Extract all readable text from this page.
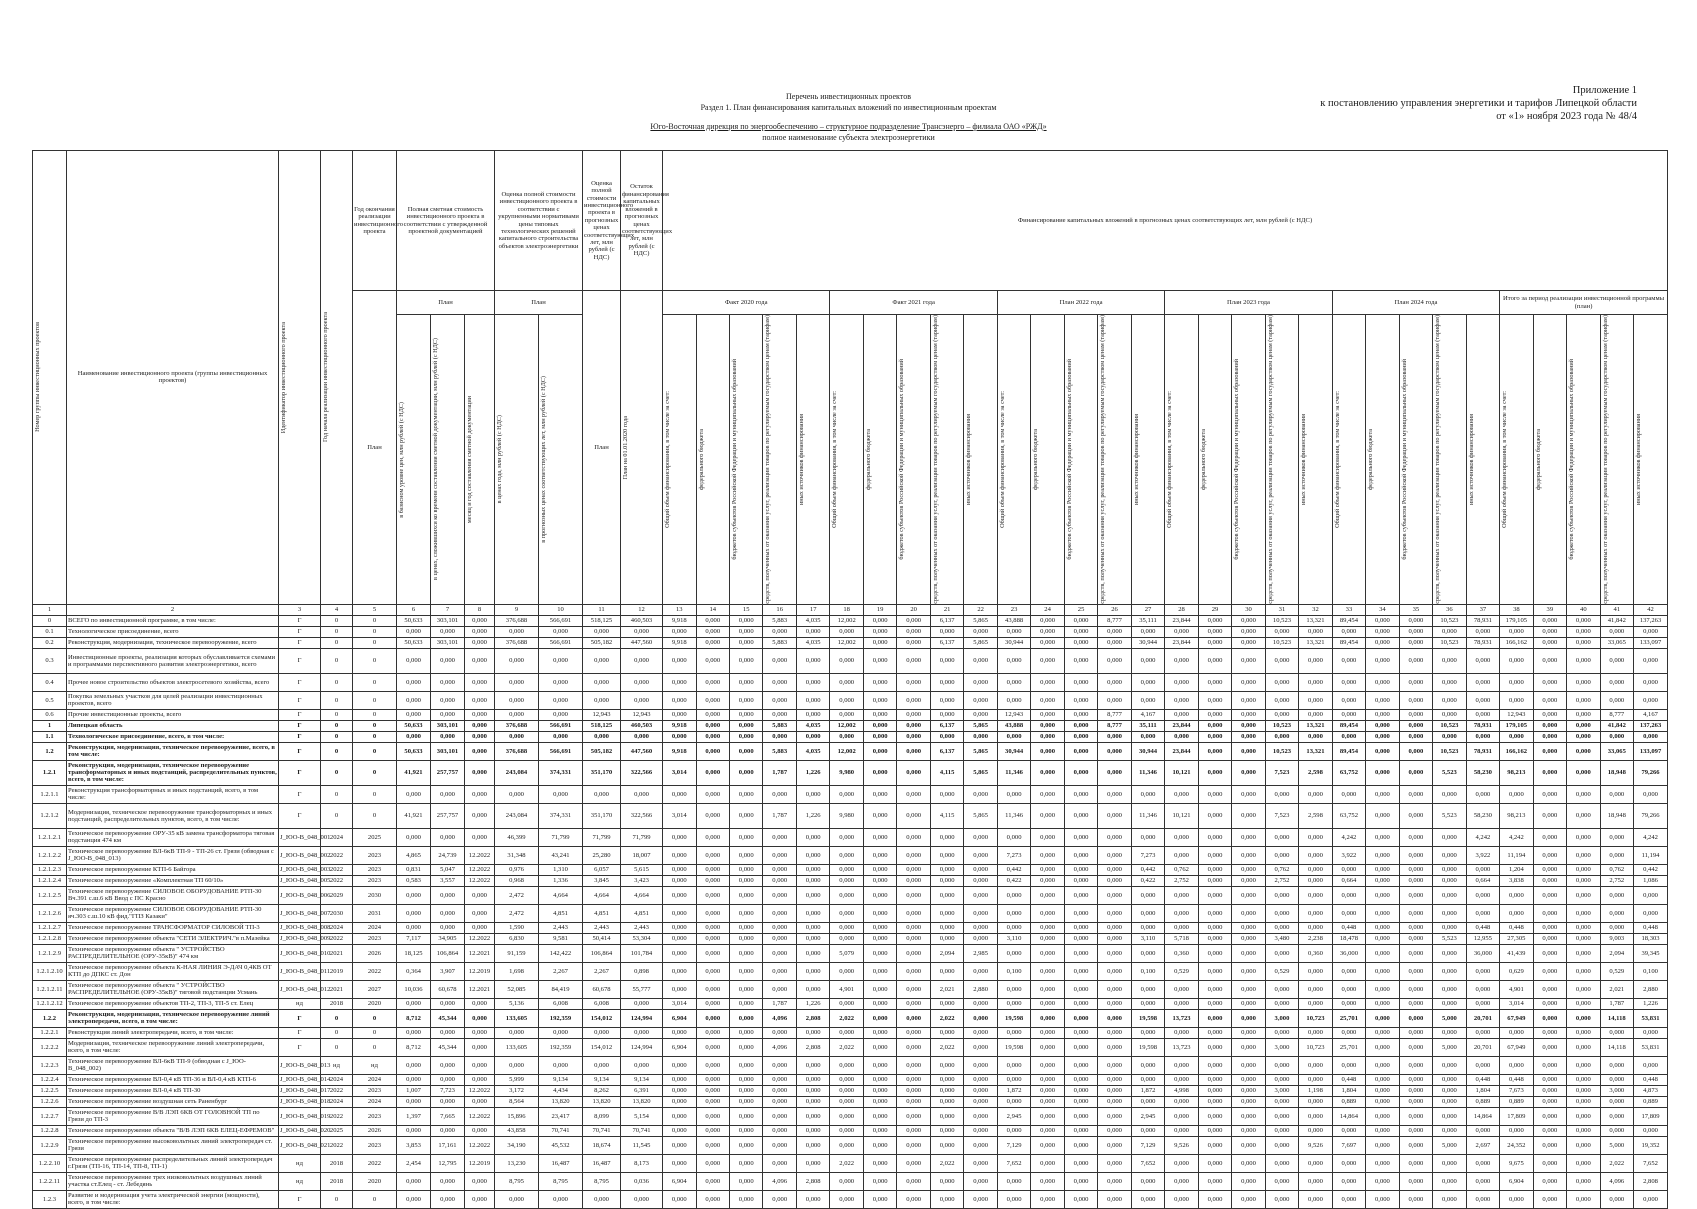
Приложение 1
к постановлению управления энергетики и тарифов Липецкой области
от «1» ноября 2023 года № 48/4
Перечень инвестиционных проектов
Раздел 1. План финансирования капитальных вложений по инвестиционным проектам
Юго-Восточная дирекция по энергообеспечению – структурное подразделение Трансэнерго – филиала ОАО «РЖД»
полное наименование субъекта электроэнергетики
Номер группы инвестиционных проектов	Наименование инвестиционного проекта (группы инвестиционных проектов)	Идентификатор инвестиционного проекта	Год начала реализации инвестиционного проекта	Год окончания реализации инвестиционного проекта	Полная сметная стоимость инвестиционного проекта в соответствии с утвержденной проектной документацией			Оценка полной стоимости инвестиционного проекта в соответствии с укрупненными нормативами цены типовых технологических решений капитального строительства объектов электроэнергетики		Оценка полной стоимости инвестиционного проекта в прогнозных ценах соответствующих лет, млн рублей (с НДС)	Остаток финансирования капитальных вложений в прогнозных ценах соответствующих лет, млн рублей (с НДС)	Финансирование капитальных вложений в прогнозных ценах соответствующих лет, млн рублей (с НДС)																													
				План	План			План		План	План на 01.01.2020 года	Факт 2020 года					Факт 2021 года					План 2022 года					План 2023 года					План 2024 года					Итого за период реализации инвестиционной программы (план)				

					в базисном уровне цен, млн рублей (с НДС)	в ценах, сложившихся ко времени составления сметной документации, млн рублей (с НДС)	месяц и год составления сметной документации	в ценах года, млн рублей (с НДС)	в прогнозных ценах соответствующих лет, млн рублей (с НДС)			Общий объем финансирования, в том числе за счет:	федерального бюджета	бюджетов субъектов Российской Федерации и муниципальных образований	средств, полученных от оказания услуг, реализации товаров по регулируемым государством ценам (тарифам)	иных источников финансирования	Общий объем финансирования, в том числе за счет:	федерального бюджета	бюджетов субъектов Российской Федерации и муниципальных образований	средств, полученных от оказания услуг, реализации товаров по регулируемым государством ценам (тарифам)	иных источников финансирования	Общий объем финансирования, в том числе за счет:	федерального бюджета	бюджетов субъектов Российской Федерации и муниципальных образований	средств, полученных от оказания услуг, реализации товаров по регулируемым государством ценам (тарифам)	иных источников финансирования	Общий объем финансирования, в том числе за счет:	федерального бюджета	бюджетов субъектов Российской Федерации и муниципальных образований	средств, полученных от оказания услуг, реализации товаров по регулируемым государством ценам (тарифам)	иных источников финансирования	Общий объем финансирования, в том числе за счет:	федерального бюджета	бюджетов субъектов Российской Федерации и муниципальных образований	средств, полученных от оказания услуг, реализации товаров по регулируемым государством ценам (тарифам)	иных источников финансирования	Общий объем финансирования, в том числе за счет:	федерального бюджета	бюджетов субъектов Российской Федерации и муниципальных образований	средств, полученных от оказания услуг, реализации товаров по регулируемым государством ценам (тарифам)	иных источников финансирования

1	2	3	4	5	6	7	8	9	10	11	12	13	14	15	16	17	18	19	20	21	22	23	24	25	26	27	28	29	30	31	32	33	34	35	36	37	38	39	40	41	42
0	ВСЕГО по инвестиционной программе, в том числе:	Г	0	0	50,633	303,101	0,000	376,688	566,691	518,125	460,503	9,918	0,000	0,000	5,883	4,035	12,002	0,000	0,000	6,137	5,865	43,888	0,000	0,000	8,777	35,111	23,844	0,000	0,000	10,523	13,321	89,454	0,000	0,000	10,523	78,931	179,105	0,000	0,000	41,842	137,263
0.1	Технологическое присоединение, всего	Г	0	0	0,000	0,000	0,000	0,000	0,000	0,000	0,000	0,000	0,000	0,000	0,000	0,000	0,000	0,000	0,000	0,000	0,000	0,000	0,000	0,000	0,000	0,000	0,000	0,000	0,000	0,000	0,000	0,000	0,000	0,000	0,000	0,000	0,000	0,000	0,000	0,000	0,000
0.2	Реконструкция, модернизация, техническое перевооружение, всего	Г	0	0	50,633	303,101	0,000	376,688	566,691	505,182	447,560	9,918	0,000	0,000	5,883	4,035	12,002	0,000	0,000	6,137	5,865	30,944	0,000	0,000	0,000	30,944	23,844	0,000	0,000	10,523	13,321	89,454	0,000	0,000	10,523	78,931	166,162	0,000	0,000	33,065	133,097
0.3	Инвестиционные проекты, реализация которых обуславливается схемами и программами перспективного развития электроэнергетики, всего	Г	0	0	0,000	0,000	0,000	0,000	0,000	0,000	0,000	0,000	0,000	0,000	0,000	0,000	0,000	0,000	0,000	0,000	0,000	0,000	0,000	0,000	0,000	0,000	0,000	0,000	0,000	0,000	0,000	0,000	0,000	0,000	0,000	0,000	0,000	0,000	0,000	0,000	0,000
0.4	Прочее новое строительство объектов электросетевого хозяйства, всего	Г	0	0	0,000	0,000	0,000	0,000	0,000	0,000	0,000	0,000	0,000	0,000	0,000	0,000	0,000	0,000	0,000	0,000	0,000	0,000	0,000	0,000	0,000	0,000	0,000	0,000	0,000	0,000	0,000	0,000	0,000	0,000	0,000	0,000	0,000	0,000	0,000	0,000	0,000
0.5	Покупка земельных участков для целей реализации инвестиционных проектов, всего	Г	0	0	0,000	0,000	0,000	0,000	0,000	0,000	0,000	0,000	0,000	0,000	0,000	0,000	0,000	0,000	0,000	0,000	0,000	0,000	0,000	0,000	0,000	0,000	0,000	0,000	0,000	0,000	0,000	0,000	0,000	0,000	0,000	0,000	0,000	0,000	0,000	0,000	0,000
0.6	Прочие инвестиционные проекты, всего	Г	0	0	0,000	0,000	0,000	0,000	0,000	12,943	12,943	0,000	0,000	0,000	0,000	0,000	0,000	0,000	0,000	0,000	0,000	12,943	0,000	0,000	8,777	4,167	0,000	0,000	0,000	0,000	0,000	0,000	0,000	0,000	0,000	0,000	12,943	0,000	0,000	8,777	4,167
1	Липецкая область	Г	0	0	50,633	303,101	0,000	376,688	566,691	518,125	460,503	9,918	0,000	0,000	5,883	4,035	12,002	0,000	0,000	6,137	5,865	43,888	0,000	0,000	8,777	35,111	23,844	0,000	0,000	10,523	13,321	89,454	0,000	0,000	10,523	78,931	179,105	0,000	0,000	41,842	137,263
1.1	Технологическое присоединение, всего, в том числе:	Г	0	0	0,000	0,000	0,000	0,000	0,000	0,000	0,000	0,000	0,000	0,000	0,000	0,000	0,000	0,000	0,000	0,000	0,000	0,000	0,000	0,000	0,000	0,000	0,000	0,000	0,000	0,000	0,000	0,000	0,000	0,000	0,000	0,000	0,000	0,000	0,000	0,000	0,000
1.2	Реконструкция, модернизация, техническое перевооружение, всего, в том числе:	Г	0	0	50,633	303,101	0,000	376,688	566,691	505,182	447,560	9,918	0,000	0,000	5,883	4,035	12,002	0,000	0,000	6,137	5,865	30,944	0,000	0,000	0,000	30,944	23,844	0,000	0,000	10,523	13,321	89,454	0,000	0,000	10,523	78,931	166,162	0,000	0,000	33,065	133,097
1.2.1	Реконструкция, модернизация, техническое перевооружение трансформаторных и иных подстанций, распределительных пунктов, всего, в том числе:	Г	0	0	41,921	257,757	0,000	243,084	374,331	351,170	322,566	3,014	0,000	0,000	1,787	1,226	9,980	0,000	0,000	4,115	5,865	11,346	0,000	0,000	0,000	11,346	10,121	0,000	0,000	7,523	2,598	63,752	0,000	0,000	5,523	58,230	98,213	0,000	0,000	18,948	79,266
1.2.1.1	Реконструкция трансформаторных и иных подстанций, всего, в том числе:	Г	0	0	0,000	0,000	0,000	0,000	0,000	0,000	0,000	0,000	0,000	0,000	0,000	0,000	0,000	0,000	0,000	0,000	0,000	0,000	0,000	0,000	0,000	0,000	0,000	0,000	0,000	0,000	0,000	0,000	0,000	0,000	0,000	0,000	0,000	0,000	0,000	0,000	0,000
1.2.1.2	Модернизация, техническое перевооружение трансформаторных и иных подстанций, распределительных пунктов, всего, в том числе:	Г	0	0	41,921	257,757	0,000	243,084	374,331	351,170	322,566	3,014	0,000	0,000	1,787	1,226	9,980	0,000	0,000	4,115	5,865	11,346	0,000	0,000	0,000	11,346	10,121	0,000	0,000	7,523	2,598	63,752	0,000	0,000	5,523	58,230	98,213	0,000	0,000	18,948	79,266
1.2.1.2.1	Техническое перевооружение ОРУ-35 кВ замена трансформатора тяговая подстанция 474 км	J_ЮО-В_048_001	2024	2025	0,000	0,000	0,000	46,399	71,799	71,799	71,799	0,000	0,000	0,000	0,000	0,000	0,000	0,000	0,000	0,000	0,000	0,000	0,000	0,000	0,000	0,000	0,000	0,000	0,000	0,000	0,000	4,242	0,000	0,000	0,000	4,242	4,242	0,000	0,000	0,000	4,242
1.2.1.2.2	Техническое перевооружение ВЛ-6кВ ТП-9 - ТП-26 ст. Грязи (обводная с J_ЮО-В_048_013)	J_ЮО-В_048_002	2022	2023	4,865	24,739	12.2022	31,348	43,241	25,280	18,007	0,000	0,000	0,000	0,000	0,000	0,000	0,000	0,000	0,000	0,000	7,273	0,000	0,000	0,000	7,273	0,000	0,000	0,000	0,000	0,000	3,922	0,000	0,000	0,000	3,922	11,194	0,000	0,000	0,000	11,194
1.2.1.2.3	Техническое перевооружение КТП-6 Байгора	J_ЮО-В_048_003	2022	2023	0,831	5,047	12.2022	0,976	1,310	6,057	5,615	0,000	0,000	0,000	0,000	0,000	0,000	0,000	0,000	0,000	0,000	0,442	0,000	0,000	0,000	0,442	0,762	0,000	0,000	0,762	0,000	0,000	0,000	0,000	0,000	0,000	1,204	0,000	0,000	0,762	0,442
1.2.1.2.4	Техническое перевооружение «Комплектная ТП 60/10»	J_ЮО-В_048_005	2022	2023	0,583	3,557	12.2022	0,968	1,336	3,845	3,423	0,000	0,000	0,000	0,000	0,000	0,000	0,000	0,000	0,000	0,000	0,422	0,000	0,000	0,000	0,422	2,752	0,000	0,000	2,752	0,000	0,664	0,000	0,000	0,000	0,664	3,838	0,000	0,000	2,752	1,086
1.2.1.2.5	Техническое перевооружение СИЛОВОЕ ОБОРУДОВАНИЕ РТП-30 Вч.391 с.ш.6 кВ Ввод с ПС Красно	J_ЮО-В_048_006	2029	2030	0,000	0,000	0,000	2,472	4,664	4,664	4,664	0,000	0,000	0,000	0,000	0,000	0,000	0,000	0,000	0,000	0,000	0,000	0,000	0,000	0,000	0,000	0,000	0,000	0,000	0,000	0,000	0,000	0,000	0,000	0,000	0,000	0,000	0,000	0,000	0,000	0,000
1.2.1.2.6	Техническое перевооружение СИЛОВОЕ ОБОРУДОВАНИЕ РТП-30 яч.303 с.ш.10 кВ фид."ГПЗ Казаки"	J_ЮО-В_048_007	2030	2031	0,000	0,000	0,000	2,472	4,851	4,851	4,851	0,000	0,000	0,000	0,000	0,000	0,000	0,000	0,000	0,000	0,000	0,000	0,000	0,000	0,000	0,000	0,000	0,000	0,000	0,000	0,000	0,000	0,000	0,000	0,000	0,000	0,000	0,000	0,000	0,000	0,000
1.2.1.2.7	Техническое перевооружение ТРАНСФОРМАТОР СИЛОВОЙ ТП-3	J_ЮО-В_048_008	2024	2024	0,000	0,000	0,000	1,590	2,443	2,443	2,443	0,000	0,000	0,000	0,000	0,000	0,000	0,000	0,000	0,000	0,000	0,000	0,000	0,000	0,000	0,000	0,000	0,000	0,000	0,000	0,000	0,448	0,000	0,000	0,000	0,448	0,448	0,000	0,000	0,000	0,448
1.2.1.2.8	Техническое перевооружение объекта "СЕТИ ЭЛЕКТРИЧ."в п.Мазейка	J_ЮО-В_048_009	2022	2023	7,117	34,905	12.2022	6,830	9,581	50,414	53,304	0,000	0,000	0,000	0,000	0,000	0,000	0,000	0,000	0,000	0,000	3,110	0,000	0,000	0,000	3,110	5,718	0,000	0,000	3,480	2,238	18,478	0,000	0,000	5,523	12,955	27,305	0,000	0,000	9,003	18,303
1.2.1.2.9	Техническое перевооружение объекта " УСТРОЙСТВО РАСПРЕДЕЛИТЕЛЬНОЕ (ОРУ-35кВ)" 474 км	J_ЮО-В_048_010	2021	2026	18,125	106,864	12.2021	91,159	142,422	106,864	101,784	0,000	0,000	0,000	0,000	0,000	5,079	0,000	0,000	2,094	2,985	0,000	0,000	0,000	0,000	0,000	0,360	0,000	0,000	0,000	0,360	36,000	0,000	0,000	0,000	36,000	41,439	0,000	0,000	2,094	39,345
1.2.1.2.10	Техническое перевооружение объекта К-НАЯ ЛИНИЯ Э-ДАЧ 0,4КВ ОТ КТП до ДПКС ст. Дон	J_ЮО-В_048_011	2019	2022	0,364	3,907	12.2019	1,698	2,267	2,267	0,898	0,000	0,000	0,000	0,000	0,000	0,000	0,000	0,000	0,000	0,000	0,100	0,000	0,000	0,000	0,100	0,529	0,000	0,000	0,529	0,000	0,000	0,000	0,000	0,000	0,000	0,629	0,000	0,000	0,529	0,100
1.2.1.2.11	Техническое перевооружение объекта " УСТРОЙСТВО РАСПРЕДЕЛИТЕЛЬНОЕ (ОРУ-35кВ)" тяговой подстанции Усмань	J_ЮО-В_048_012	2021	2027	10,036	60,678	12.2021	52,085	84,419	60,678	55,777	0,000	0,000	0,000	0,000	0,000	4,901	0,000	0,000	2,021	2,880	0,000	0,000	0,000	0,000	0,000	0,000	0,000	0,000	0,000	0,000	0,000	0,000	0,000	0,000	0,000	4,901	0,000	0,000	2,021	2,880
1.2.1.2.12	Техническое перевооружение объектов ТП-2, ТП-3, ТП-5 ст. Елец	нд	2018	2020	0,000	0,000	0,000	5,136	6,008	6,008	0,000	3,014	0,000	0,000	1,787	1,226	0,000	0,000	0,000	0,000	0,000	0,000	0,000	0,000	0,000	0,000	0,000	0,000	0,000	0,000	0,000	0,000	0,000	0,000	0,000	0,000	3,014	0,000	0,000	1,787	1,226
1.2.2	Реконструкция, модернизация, техническое перевооружение линий электропередачи, всего, в том числе:	Г	0	0	8,712	45,344	0,000	133,605	192,359	154,012	124,994	6,904	0,000	0,000	4,096	2,808	2,022	0,000	0,000	2,022	0,000	19,598	0,000	0,000	0,000	19,598	13,723	0,000	0,000	3,000	10,723	25,701	0,000	0,000	5,000	20,701	67,949	0,000	0,000	14,118	53,831
1.2.2.1	Реконструкция линий электропередачи, всего, в том числе:	Г	0	0	0,000	0,000	0,000	0,000	0,000	0,000	0,000	0,000	0,000	0,000	0,000	0,000	0,000	0,000	0,000	0,000	0,000	0,000	0,000	0,000	0,000	0,000	0,000	0,000	0,000	0,000	0,000	0,000	0,000	0,000	0,000	0,000	0,000	0,000	0,000	0,000	0,000
1.2.2.2	Модернизация, техническое перевооружение линий электропередачи, всего, в том числе:	Г	0	0	8,712	45,344	0,000	133,605	192,359	154,012	124,994	6,904	0,000	0,000	4,096	2,808	2,022	0,000	0,000	2,022	0,000	19,598	0,000	0,000	0,000	19,598	13,723	0,000	0,000	3,000	10,723	25,701	0,000	0,000	5,000	20,701	67,949	0,000	0,000	14,118	53,831
1.2.2.3	Техническое перевооружение ВЛ-6кВ ТП-9 (обводная с J_ЮО-В_048_002)	J_ЮО-В_048_013	нд	нд	0,000	0,000	0,000	0,000	0,000	0,000	0,000	0,000	0,000	0,000	0,000	0,000	0,000	0,000	0,000	0,000	0,000	0,000	0,000	0,000	0,000	0,000	0,000	0,000	0,000	0,000	0,000	0,000	0,000	0,000	0,000	0,000	0,000	0,000	0,000	0,000	0,000
1.2.2.4	Техническое перевооружение ВЛ-0,4 кВ ТП-36 и ВЛ-0,4 кВ КТП-6	J_ЮО-В_048_014	2024	2024	0,000	0,000	0,000	5,999	9,134	9,134	9,134	0,000	0,000	0,000	0,000	0,000	0,000	0,000	0,000	0,000	0,000	0,000	0,000	0,000	0,000	0,000	0,000	0,000	0,000	0,000	0,000	0,448	0,000	0,000	0,000	0,448	0,448	0,000	0,000	0,000	0,448
1.2.2.5	Техническое перевооружение ВЛ-0,4 кВ ТП-30	J_ЮО-В_048_017	2022	2023	1,007	7,723	12.2022	3,172	4,434	8,262	6,391	0,000	0,000	0,000	0,000	0,000	0,000	0,000	0,000	0,000	0,000	1,872	0,000	0,000	0,000	1,872	4,998	0,000	0,000	3,000	1,198	1,804	0,000	0,000	0,000	1,804	7,673	0,000	0,000	3,000	4,873
1.2.2.6	Техническое перевооружение воздушная сеть Раненбург	J_ЮО-В_048_018	2024	2024	0,000	0,000	0,000	8,564	13,820	13,820	13,820	0,000	0,000	0,000	0,000	0,000	0,000	0,000	0,000	0,000	0,000	0,000	0,000	0,000	0,000	0,000	0,000	0,000	0,000	0,000	0,000	0,889	0,000	0,000	0,000	0,889	0,889	0,000	0,000	0,000	0,889
1.2.2.7	Техническое перевооружение В/В ЛЭП 6КВ ОТ ГОЛОВНОЙ ТП по Грязи до ТП-3	J_ЮО-В_048_019	2022	2023	1,397	7,665	12.2022	15,896	23,417	8,099	5,154	0,000	0,000	0,000	0,000	0,000	0,000	0,000	0,000	0,000	0,000	2,945	0,000	0,000	0,000	2,945	0,000	0,000	0,000	0,000	0,000	14,864	0,000	0,000	0,000	14,864	17,809	0,000	0,000	0,000	17,809
1.2.2.8	Техническое перевооружение объекта "В/В ЛЭП 6КВ ЕЛЕЦ-ЕФРЕМОВ"	J_ЮО-В_048_020	2025	2026	0,000	0,000	0,000	43,858	70,741	70,741	70,741	0,000	0,000	0,000	0,000	0,000	0,000	0,000	0,000	0,000	0,000	0,000	0,000	0,000	0,000	0,000	0,000	0,000	0,000	0,000	0,000	0,000	0,000	0,000	0,000	0,000	0,000	0,000	0,000	0,000	0,000
1.2.2.9	Техническое перевооружение высоковольтных линий электропередач ст. Грязи	J_ЮО-В_048_021	2022	2023	3,853	17,161	12.2022	34,190	45,532	18,674	11,545	0,000	0,000	0,000	0,000	0,000	0,000	0,000	0,000	0,000	0,000	7,129	0,000	0,000	0,000	7,129	9,526	0,000	0,000	0,000	9,526	7,697	0,000	0,000	5,000	2,697	24,352	0,000	0,000	5,000	19,352
1.2.2.10	Техническое перевооружение распределительных линий электропередач г.Грязи (ТП-16, ТП-14, ТП-8, ТП-1)	нд	2018	2022	2,454	12,795	12.2019	13,230	16,487	16,487	8,173	0,000	0,000	0,000	0,000	0,000	2,022	0,000	0,000	2,022	0,000	7,652	0,000	0,000	0,000	7,652	0,000	0,000	0,000	0,000	0,000	0,000	0,000	0,000	0,000	0,000	9,675	0,000	0,000	2,022	7,652
1.2.2.11	Техническое перевооружение трех низковольтных воздушных линий участка ст.Елец - ст. Лебедянь	нд	2018	2020	0,000	0,000	0,000	8,795	8,795	8,795	0,036	6,904	0,000	0,000	4,096	2,808	0,000	0,000	0,000	0,000	0,000	0,000	0,000	0,000	0,000	0,000	0,000	0,000	0,000	0,000	0,000	0,000	0,000	0,000	0,000	0,000	6,904	0,000	0,000	4,096	2,808
1.2.3	Развитие и модернизация учета электрической энергии (мощности), всего, в том числе:	Г	0	0	0,000	0,000	0,000	0,000	0,000	0,000	0,000	0,000	0,000	0,000	0,000	0,000	0,000	0,000	0,000	0,000	0,000	0,000	0,000	0,000	0,000	0,000	0,000	0,000	0,000	0,000	0,000	0,000	0,000	0,000	0,000	0,000	0,000	0,000	0,000	0,000	0,000
